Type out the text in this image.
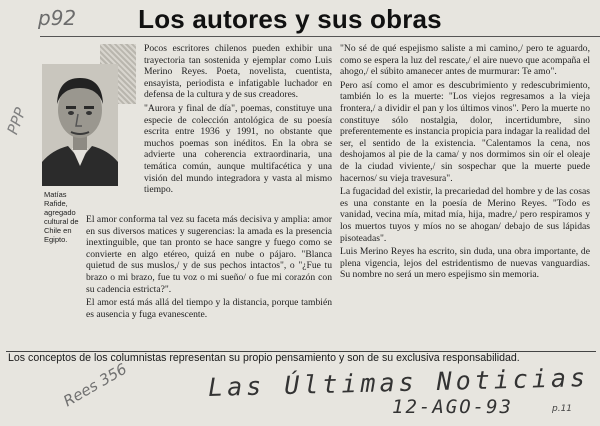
p92
PPP
Los autores y sus obras
Matías Rafide, agregado cultural de Chile en Egipto.

Pocos escritores chilenos pueden exhibir una trayectoria tan sostenida y ejemplar como Luis Merino Reyes. Poeta, novelista, cuentista, ensayista, periodista e infatigable luchador en defensa de la cultura y de sus creadores.

"Aurora y final de día", poemas, constituye una especie de colección antológica de su poesía escrita entre 1936 y 1991, no obstante que muchos poemas son inéditos. En la obra se advierte una coherencia extraordinaria, una temática común, aunque multifacética y una visión del mundo integradora y vasta al mismo tiempo.

El amor conforma tal vez su faceta más decisiva y amplia: amor en sus diversos matices y sugerencias: la amada es la presencia inextinguible, que tan pronto se hace sangre y fuego como se convierte en algo etéreo, quizá en nube o pájaro. "Blanca quietud de sus muslos,/ y de sus pechos intactos", o "¿Fue tu brazo o mi brazo, fue tu voz o mi sueño/ o fue mi corazón con su cadencia estricta?".

El amor está más allá del tiempo y la distancia, porque también es ausencia y fuga evanescente.

"No sé de qué espejismo saliste a mi camino,/ pero te aguardo, como se espera la luz del rescate,/ el aire nuevo que acompaña el ahogo,/ el súbito amanecer antes de murmurar: Te amo".

Pero así como el amor es descubrimiento y redescubrimiento, también lo es la muerte: "Los viejos regresamos a la vieja frontera,/ a dividir el pan y los últimos vinos". Pero la muerte no constituye sólo nostalgia, dolor, incertidumbre, sino preferentemente es instancia propicia para indagar la realidad del ser, el sentido de la existencia. "Calentamos la cena, nos deshojamos al pie de la cama/ y nos dormimos sin oír el oleaje de la ciudad viviente,/ sin sospechar que la muerte puede hacernos/ su vieja travesura".

La fugacidad del existir, la precariedad del hombre y de las cosas es una constante en la poesía de Merino Reyes. "Todo es vanidad, vecina mía, mitad mía, hija, madre,/ pero respiramos y los muertos tuyos y míos no se ahogan/ debajo de sus lápidas pisoteadas".

Luis Merino Reyes ha escrito, sin duda, una obra importante, de plena vigencia, lejos del estridentismo de nuevas vanguardias. Su nombre no será un mero espejismo sin memoria.

Los conceptos de los columnistas representan su propio pensamiento y son de su exclusiva responsabilidad.
Rees 356	Las Últimas Noticias
12-AGO-93	p.11
